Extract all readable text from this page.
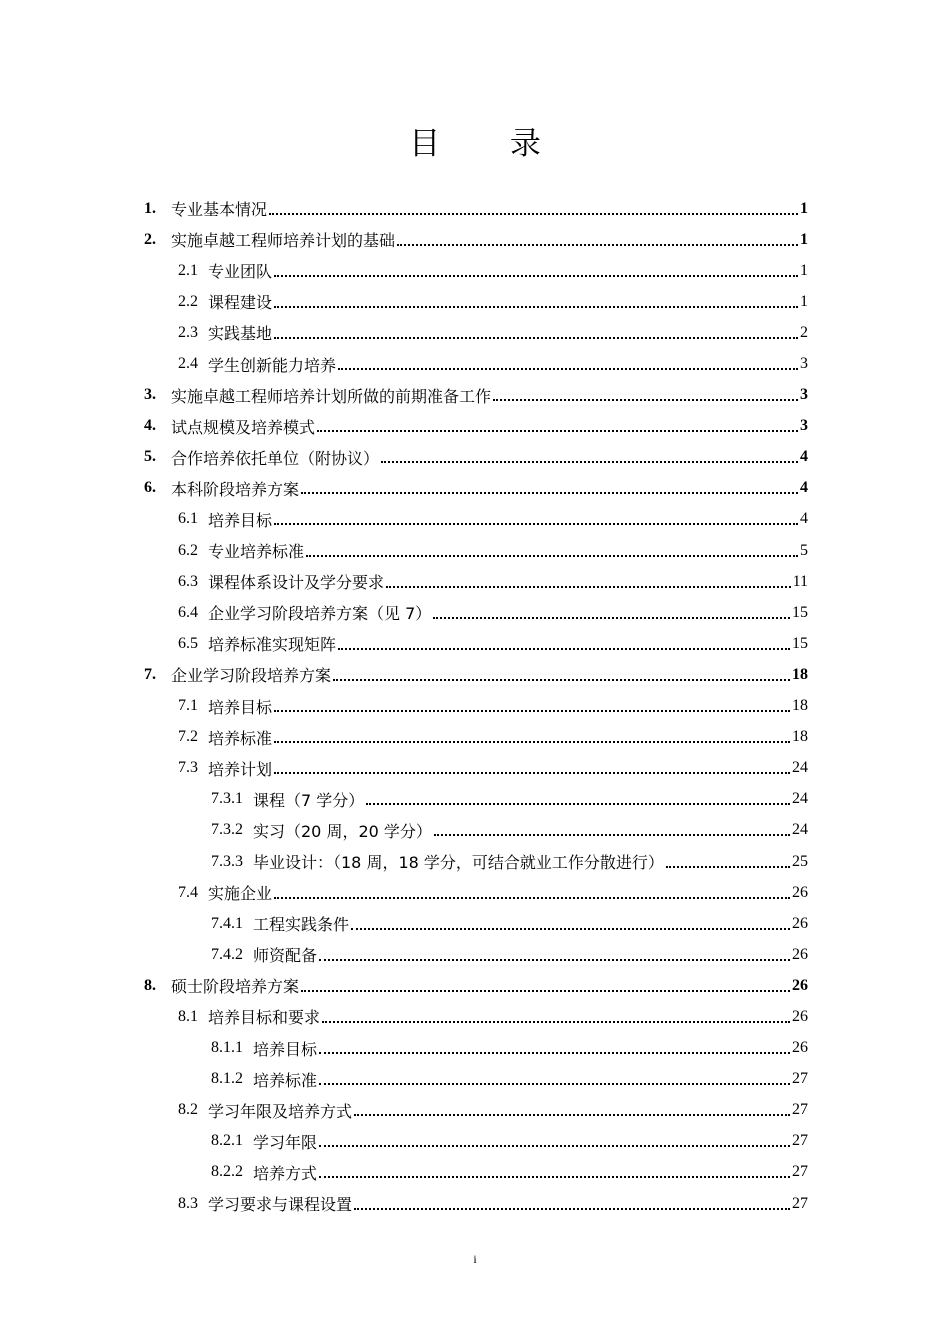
目 录
1. 专业基本情况	1
2. 实施卓越工程师培养计划的基础	1
2.1 专业团队	1
2.2 课程建设	1
2.3 实践基地	2
2.4 学生创新能力培养	3
3. 实施卓越工程师培养计划所做的前期准备工作	3
4. 试点规模及培养模式	3
5. 合作培养依托单位（附协议）	4
6. 本科阶段培养方案	4
6.1 培养目标	4
6.2 专业培养标准	5
6.3 课程体系设计及学分要求	11
6.4 企业学习阶段培养方案（见 7）	15
6.5 培养标准实现矩阵	15
7. 企业学习阶段培养方案	18
7.1 培养目标	18
7.2 培养标准	18
7.3 培养计划	24
7.3.1 课程（7 学分）	24
7.3.2 实习（20 周，20 学分）	24
7.3.3 毕业设计：（18 周，18 学分，可结合就业工作分散进行）	25
7.4 实施企业	26
7.4.1 工程实践条件	26
7.4.2 师资配备	26
8. 硕士阶段培养方案	26
8.1 培养目标和要求	26
8.1.1 培养目标	26
8.1.2 培养标准	27
8.2 学习年限及培养方式	27
8.2.1 学习年限	27
8.2.2 培养方式	27
8.3 学习要求与课程设置	27
i
